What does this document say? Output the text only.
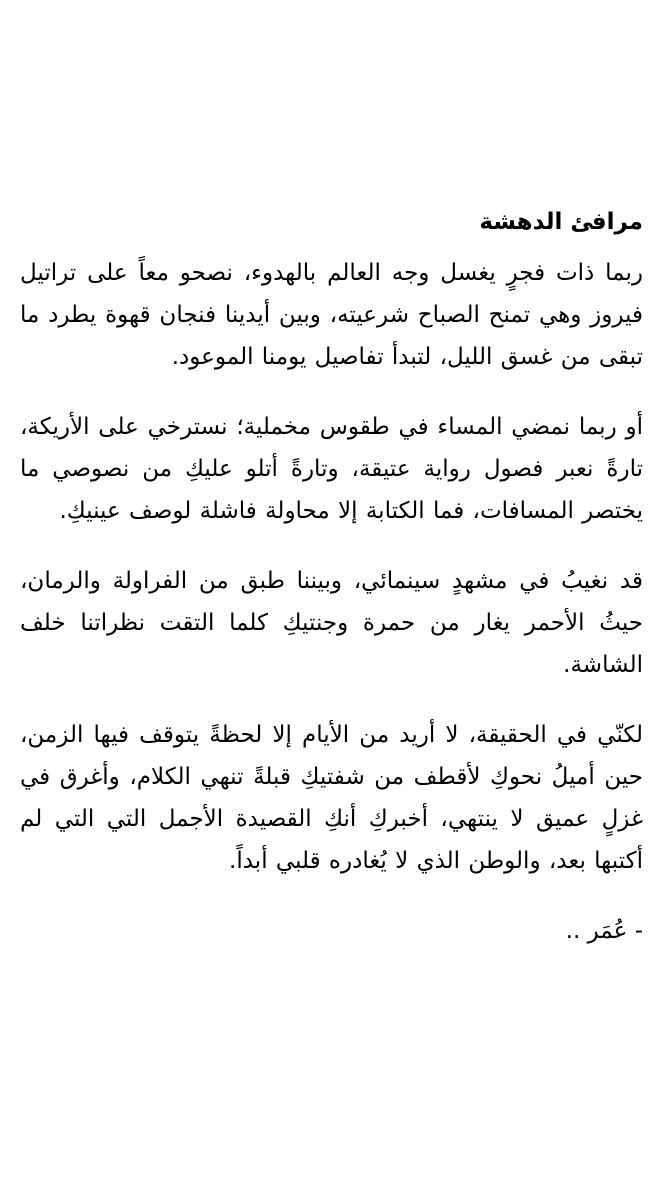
مرافئ الدهشة

ربما ذات فجرٍ يغسل وجه العالم بالهدوء، نصحو معاً على تراتيل فيروز وهي تمنح الصباح شرعيته، وبين أيدينا فنجان قهوة يطرد ما تبقى من غسق الليل، لتبدأ تفاصيل يومنا الموعود.

أو ربما نمضي المساء في طقوس مخملية؛ نسترخي على الأريكة، تارةً نعبر فصول رواية عتيقة، وتارةً أتلو عليكِ من نصوصي ما يختصر المسافات، فما الكتابة إلا محاولة فاشلة لوصف عينيكِ.

قد نغيبُ في مشهدٍ سينمائي، وبيننا طبق من الفراولة والرمان، حيثُ الأحمر يغار من حمرة وجنتيكِ كلما التقت نظراتنا خلف الشاشة.

لكنّي في الحقيقة، لا أريد من الأيام إلا لحظةً يتوقف فيها الزمن، حين أميلُ نحوكِ لأقطف من شفتيكِ قبلةً تنهي الكلام، وأغرق في غزلٍ عميق لا ينتهي، أخبركِ أنكِ القصيدة الأجمل التي التي لم أكتبها بعد، والوطن الذي لا يُغادره قلبي أبداً.

- عُمَر ..
